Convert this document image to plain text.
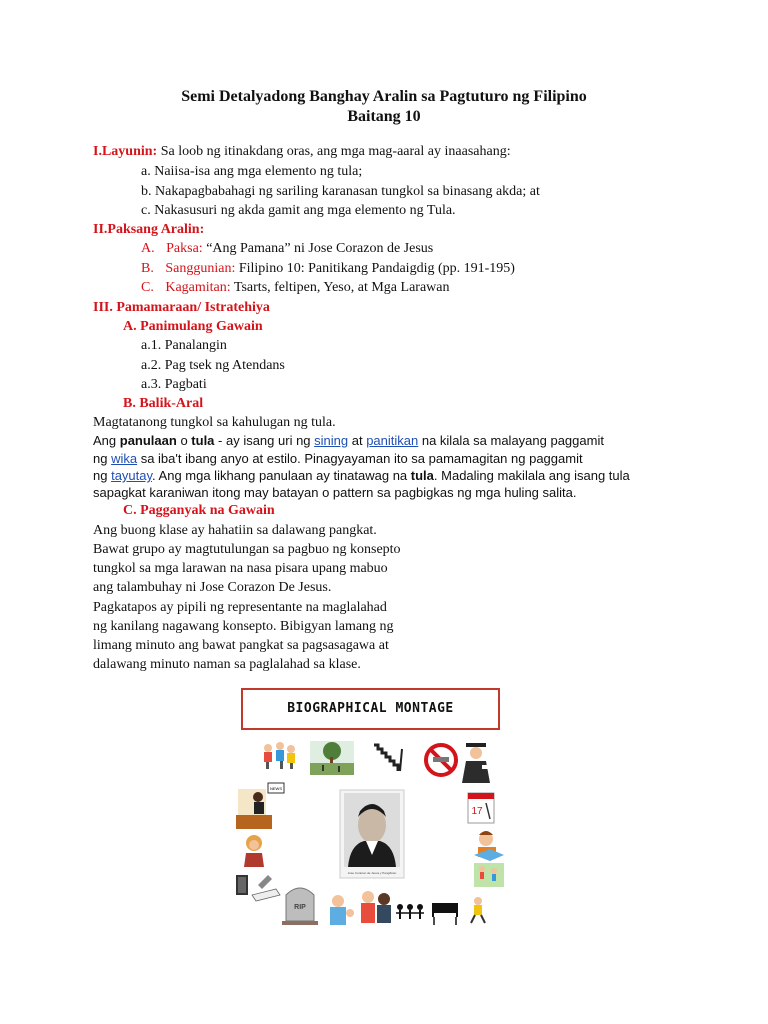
Semi Detalyadong Banghay Aralin sa Pagtuturo ng Filipino
Baitang 10
I.Layunin: Sa loob ng itinakdang oras, ang mga mag-aaral ay inaasahang:
a. Naiisa-isa ang mga elemento ng tula;
b. Nakapagbabahagi ng sariling karanasan tungkol sa binasang akda; at
c. Nakasusuri ng akda gamit ang mga elemento ng Tula.
II.Paksang Aralin:
A. Paksa: “Ang Pamana” ni Jose Corazon de Jesus
B. Sanggunian: Filipino 10: Panitikang Pandaigdig (pp. 191-195)
C. Kagamitan: Tsarts, feltipen, Yeso, at Mga Larawan
III. Pamamaraan/ Istratehiya
A. Panimulang Gawain
a.1. Panalangin
a.2. Pag tsek ng Atendans
a.3. Pagbati
B. Balik-Aral
Magtatanong tungkol sa kahulugan ng tula.
Ang panulaan o tula - ay isang uri ng sining at panitikan na kilala sa malayang paggamit
ng wika sa iba't ibang anyo at estilo. Pinagyayaman ito sa pamamagitan ng paggamit
ng tayutay. Ang mga likhang panulaan ay tinatawag na tula. Madaling makilala ang isang tula
sapagkat karaniwan itong may batayan o pattern sa pagbigkas ng mga huling salita.
C. Pagganyak na Gawain
Ang buong klase ay hahatiin sa dalawang pangkat.
Bawat grupo ay magtutulungan sa pagbuo ng konsepto
tungkol sa mga larawan na nasa pisara upang mabuo
ang talambuhay ni Jose Corazon De Jesus.
Pagkatapos ay pipili ng representante na maglalahad
ng kanilang nagawang konsepto. Bibigyan lamang ng
limang minuto ang bawat pangkat sa pagsasagawa at
dalawang minuto naman sa paglalahad sa klase.
BIOGRAPHICAL MONTAGE
NEWS
17
Jose Corazon de Jesus y Pangilinan
RIP
